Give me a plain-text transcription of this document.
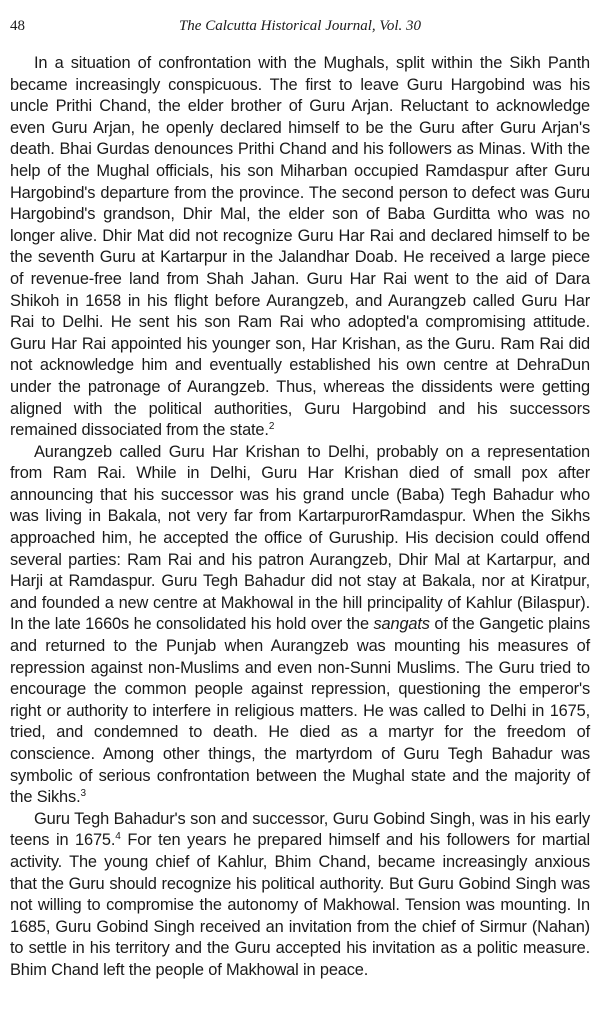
48	The Calcutta Historical Journal, Vol. 30

In a situation of confrontation with the Mughals, split within the Sikh Panth became increasingly conspicuous. The first to leave Guru Hargobind was his uncle Prithi Chand, the elder brother of Guru Arjan. Reluctant to acknowledge even Guru Arjan, he openly declared himself to be the Guru after Guru Arjan's death. Bhai Gurdas denounces Prithi Chand and his followers as Minas. With the help of the Mughal officials, his son Miharban occupied Ramdaspur after Guru Hargobind's departure from the province. The second person to defect was Guru Hargobind's grandson, Dhir Mal, the elder son of Baba Gurditta who was no longer alive. Dhir Mat did not recognize Guru Har Rai and declared himself to be the seventh Guru at Kartarpur in the Jalandhar Doab. He received a large piece of revenue-free land from Shah Jahan. Guru Har Rai went to the aid of Dara Shikoh in 1658 in his flight before Aurangzeb, and Aurangzeb called Guru Har Rai to Delhi. He sent his son Ram Rai who adopted'a compromising attitude. Guru Har Rai appointed his younger son, Har Krishan, as the Guru. Ram Rai did not acknowledge him and eventually established his own centre at DehraDun under the patronage of Aurangzeb. Thus, whereas the dissidents were getting aligned with the political authorities, Guru Hargobind and his successors remained dissociated from the state.$^2$

Aurangzeb called Guru Har Krishan to Delhi, probably on a representation from Ram Rai. While in Delhi, Guru Har Krishan died of small pox after announcing that his successor was his grand uncle (Baba) Tegh Bahadur who was living in Bakala, not very far from KartarpurorRamdaspur. When the Sikhs approached him, he accepted the office of Guruship. His decision could offend several parties: Ram Rai and his patron Aurangzeb, Dhir Mal at Kartarpur, and Harji at Ramdaspur. Guru Tegh Bahadur did not stay at Bakala, nor at Kiratpur, and founded a new centre at Makhowal in the hill principality of Kahlur (Bilaspur). In the late 1660s he consolidated his hold over the sangats of the Gangetic plains and returned to the Punjab when Aurangzeb was mounting his measures of repression against non-Muslims and even non-Sunni Muslims. The Guru tried to encourage the common people against repression, questioning the emperor's right or authority to interfere in religious matters. He was called to Delhi in 1675, tried, and condemned to death. He died as a martyr for the freedom of conscience. Among other things, the martyrdom of Guru Tegh Bahadur was symbolic of serious confrontation between the Mughal state and the majority of the Sikhs.$^3$

Guru Tegh Bahadur's son and successor, Guru Gobind Singh, was in his early teens in 1675.$^4$ For ten years he prepared himself and his followers for martial activity. The young chief of Kahlur, Bhim Chand, became increasingly anxious that the Guru should recognize his political authority. But Guru Gobind Singh was not willing to compromise the autonomy of Makhowal. Tension was mounting. In 1685, Guru Gobind Singh received an invitation from the chief of Sirmur (Nahan) to settle in his territory and the Guru accepted his invitation as a politic measure. Bhim Chand left the people of Makhowal in peace.
